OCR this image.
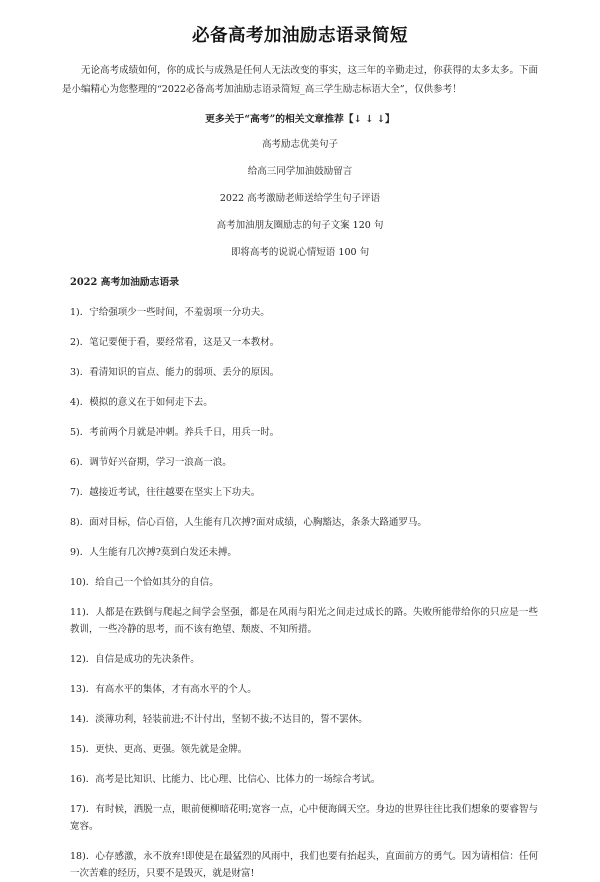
必备高考加油励志语录简短

无论高考成绩如何，你的成长与成熟是任何人无法改变的事实，这三年的辛勤走过，你获得的太多太多。下面是小编精心为您整理的“2022必备高考加油励志语录简短_高三学生励志标语大全”，仅供参考！

更多关于“高考”的相关文章推荐【↓ ↓ ↓】
高考励志优美句子
给高三同学加油鼓励留言
2022 高考激励老师送给学生句子评语
高考加油朋友圈励志的句子文案 120 句
即将高考的说说心情短语 100 句
2022 高考加油励志语录
1)．宁给强项少一些时间，不羞弱项一分功夫。
2)．笔记要便于看，要经常看，这是又一本教材。
3)．看清知识的盲点、能力的弱项、丢分的原因。
4)．模拟的意义在于如何走下去。
5)．考前两个月就是冲刺。养兵千日，用兵一时。
6)．调节好兴奋期，学习一浪高一浪。
7)．越接近考试，往往越要在坚实上下功夫。
8)．面对目标，信心百倍，人生能有几次搏?面对成绩，心胸豁达，条条大路通罗马。
9)．人生能有几次搏?莫到白发还未搏。
10)．给自己一个恰如其分的自信。
11)．人都是在跌倒与爬起之间学会坚强，都是在风雨与阳光之间走过成长的路。失败所能带给你的只应是一些教训，一些冷静的思考，而不该有绝望、颓废、不知所措。
12)．自信是成功的先决条件。
13)．有高水平的集体，才有高水平的个人。
14)．淡薄功利，轻装前进;不计付出，坚韧不拔;不达目的，誓不罢休。
15)．更快、更高、更强。领先就是金牌。
16)．高考是比知识、比能力、比心理、比信心、比体力的一场综合考试。
17)．有时候，洒脱一点，眼前便柳暗花明;宽容一点，心中便海阔天空。身边的世界往往比我们想象的要睿智与宽容。
18)．心存感激，永不放弃!即使是在最猛烈的风雨中，我们也要有抬起头，直面前方的勇气。因为请相信：任何一次苦难的经历，只要不是毁灭，就是财富!
